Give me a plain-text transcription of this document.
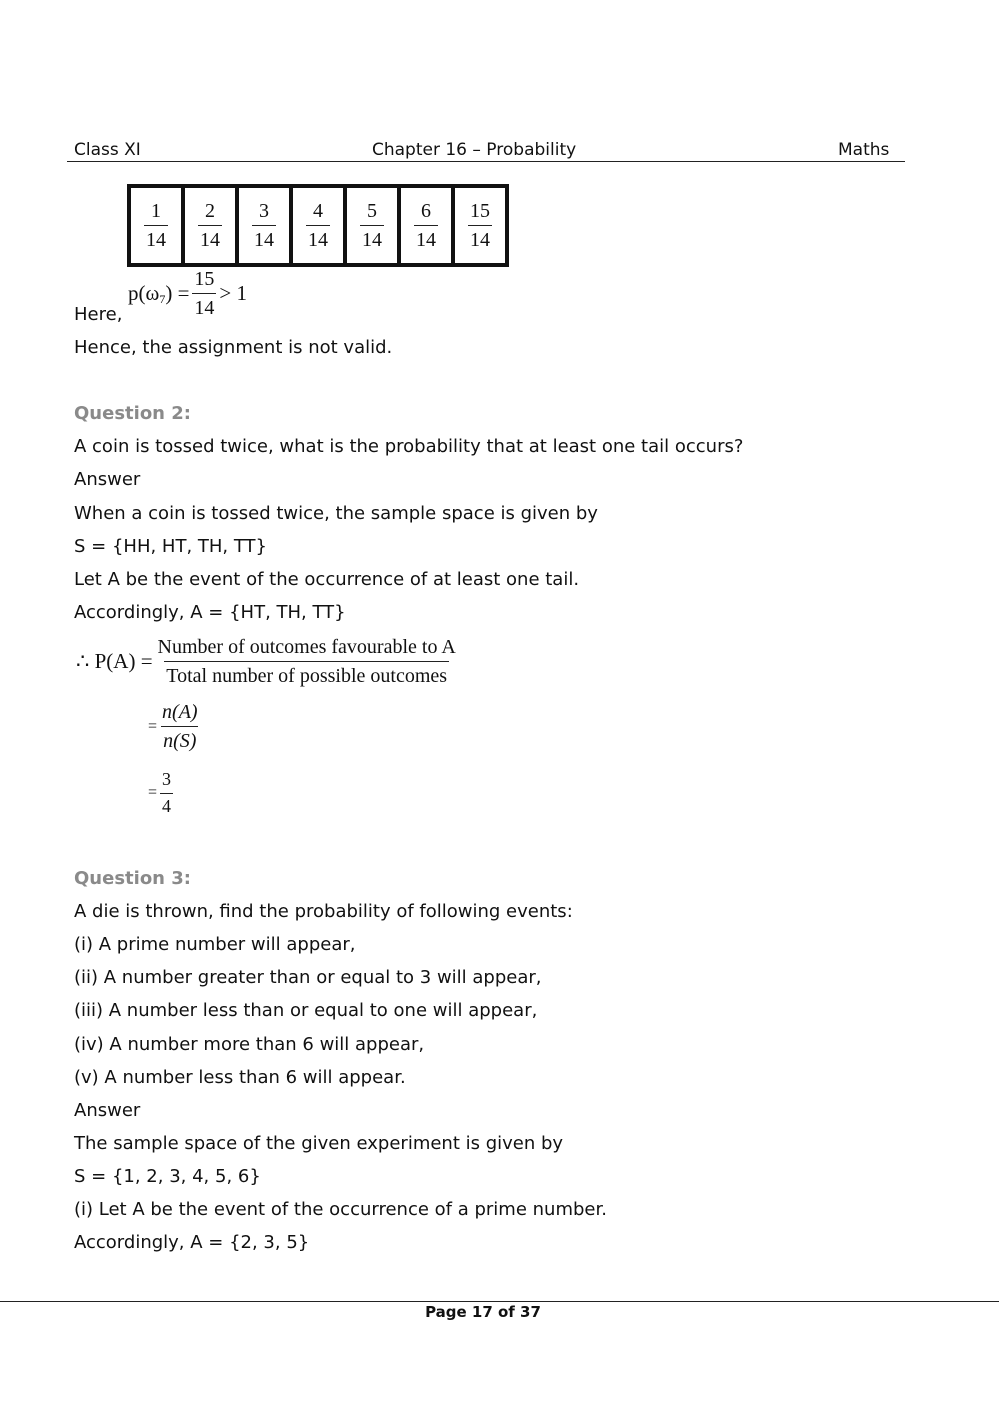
Class XI	Chapter 16 – Probability	Maths
$\frac{1}{14}$	$\frac{2}{14}$	$\frac{3}{14}$	$\frac{4}{14}$	$\frac{5}{14}$	$\frac{6}{14}$	$\frac{15}{14}$
Here,
$p(\omega_7$ ) = $\frac{15}{14} > 1$
Hence, the assignment is not valid.
Question 2:
A coin is tossed twice, what is the probability that at least one tail occurs?
Answer
When a coin is tossed twice, the sample space is given by
S = {HH, HT, TH, TT}
Let A be the event of the occurrence of at least one tail.
Accordingly, A = {HT, TH, TT}
∴ $P(A) = \frac{\text{Number of outcomes favourable to A}}{\text{Total number of possible outcomes}}$
= $\frac{n(A)}{n(S)}$
= $\frac{3}{4}$
Question 3:
A die is thrown, find the probability of following events:
(i) A prime number will appear,
(ii) A number greater than or equal to 3 will appear,
(iii) A number less than or equal to one will appear,
(iv) A number more than 6 will appear,
(v) A number less than 6 will appear.
Answer
The sample space of the given experiment is given by
S = {1, 2, 3, 4, 5, 6}
(i) Let A be the event of the occurrence of a prime number.
Accordingly, A = {2, 3, 5}
Page 17 of 37
